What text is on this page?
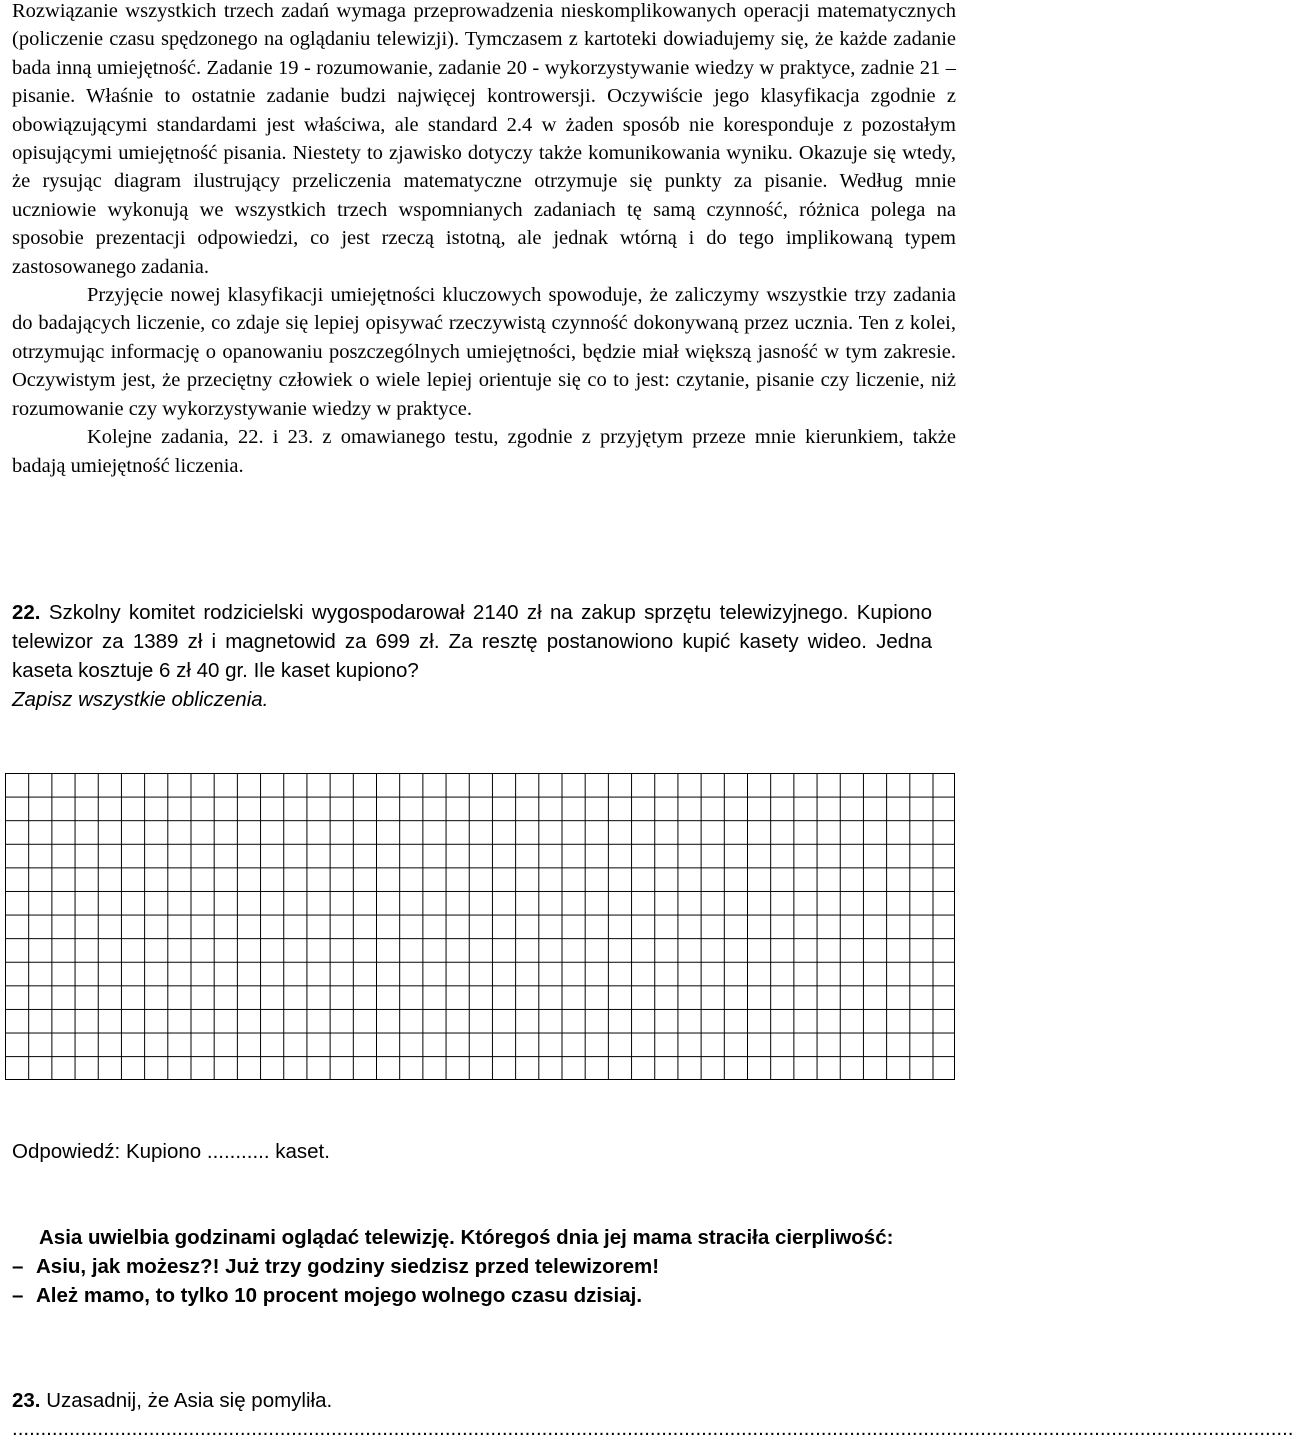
Rozwiązanie wszystkich trzech zadań wymaga przeprowadzenia nieskomplikowanych operacji matematycznych (policzenie czasu spędzonego na oglądaniu telewizji). Tymczasem z kartoteki dowiadujemy się, że każde zadanie bada inną umiejętność. Zadanie 19 - rozumowanie, zadanie 20 - wykorzystywanie wiedzy w praktyce, zadnie 21 – pisanie. Właśnie to ostatnie zadanie budzi najwięcej kontrowersji. Oczywiście jego klasyfikacja zgodnie z obowiązującymi standardami jest właściwa, ale standard 2.4 w żaden sposób nie koresponduje z pozostałym opisującymi umiejętność pisania. Niestety to zjawisko dotyczy także komunikowania wyniku. Okazuje się wtedy, że rysując diagram ilustrujący przeliczenia matematyczne otrzymuje się punkty za pisanie. Według mnie uczniowie wykonują we wszystkich trzech wspomnianych zadaniach tę samą czynność, różnica polega na sposobie prezentacji odpowiedzi, co jest rzeczą istotną, ale jednak wtórną i do tego implikowaną typem zastosowanego zadania.

Przyjęcie nowej klasyfikacji umiejętności kluczowych spowoduje, że zaliczymy wszystkie trzy zadania do badających liczenie, co zdaje się lepiej opisywać rzeczywistą czynność dokonywaną przez ucznia. Ten z kolei, otrzymując informację o opanowaniu poszczególnych umiejętności, będzie miał większą jasność w tym zakresie. Oczywistym jest, że przeciętny człowiek o wiele lepiej orientuje się co to jest: czytanie, pisanie czy liczenie, niż rozumowanie czy wykorzystywanie wiedzy w praktyce.

Kolejne zadania, 22. i 23. z omawianego testu, zgodnie z przyjętym przeze mnie kierunkiem, także badają umiejętność liczenia.

22. Szkolny komitet rodzicielski wygospodarował 2140 zł na zakup sprzętu telewizyjnego. Kupiono telewizor za 1389 zł i magnetowid za 699 zł. Za resztę postanowiono kupić kasety wideo. Jedna kaseta kosztuje 6 zł 40 gr. Ile kaset kupiono?

Zapisz wszystkie obliczenia.

Odpowiedź: Kupiono ........... kaset.

Asia uwielbia godzinami oglądać telewizję. Któregoś dnia jej mama straciła cierpliwość:

– Asiu, jak możesz?! Już trzy godziny siedzisz przed telewizorem!

– Ależ mamo, to tylko 10 procent mojego wolnego czasu dzisiaj.

23. Uzasadnij, że Asia się pomyliła.
.................................................................................................................................................................................................................................
